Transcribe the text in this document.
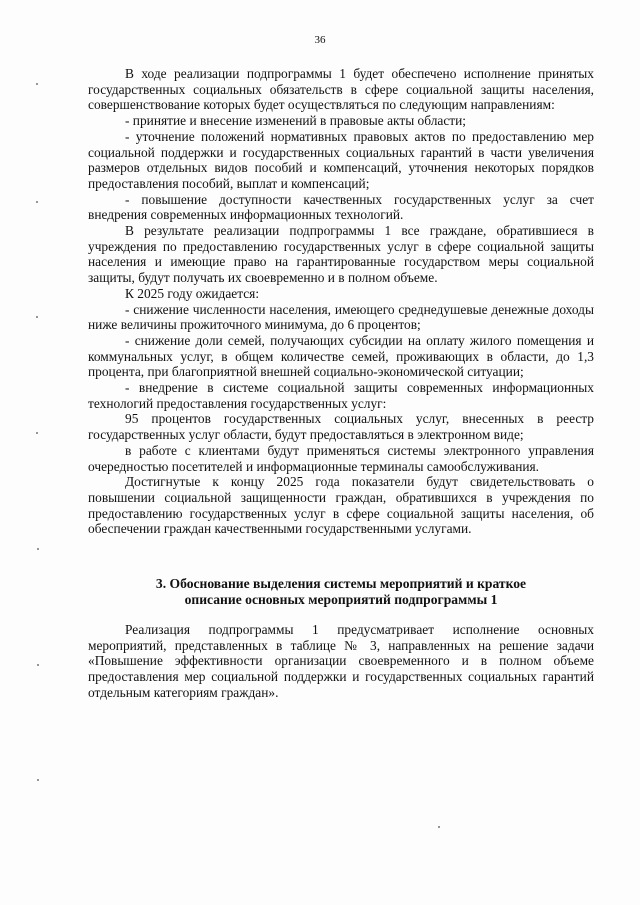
36

В ходе реализации подпрограммы 1 будет обеспечено исполнение принятых государственных социальных обязательств в сфере социальной защиты населения, совершенствование которых будет осуществляться по следующим направлениям:

- принятие и внесение изменений в правовые акты области;

- уточнение положений нормативных правовых актов по предоставлению мер социальной поддержки и государственных социальных гарантий в части увеличения размеров отдельных видов пособий и компенсаций, уточнения некоторых порядков предоставления пособий, выплат и компенсаций;

- повышение доступности качественных государственных услуг за счет внедрения современных информационных технологий.

В результате реализации подпрограммы 1 все граждане, обратившиеся в учреждения по предоставлению государственных услуг в сфере социальной защиты населения и имеющие право на гарантированные государством меры социальной защиты, будут получать их своевременно и в полном объеме.

К 2025 году ожидается:

- снижение численности населения, имеющего среднедушевые денежные доходы ниже величины прожиточного минимума, до 6 процентов;

- снижение доли семей, получающих субсидии на оплату жилого помещения и коммунальных услуг, в общем количестве семей, проживающих в области, до 1,3 процента, при благоприятной внешней социально-экономической ситуации;

- внедрение в системе социальной защиты современных информационных технологий предоставления государственных услуг:

95 процентов государственных социальных услуг, внесенных в реестр государственных услуг области, будут предоставляться в электронном виде;

в работе с клиентами будут применяться системы электронного управления очередностью посетителей и информационные терминалы самообслуживания.

Достигнутые к концу 2025 года показатели будут свидетельствовать о повышении социальной защищенности граждан, обратившихся в учреждения по предоставлению государственных услуг в сфере социальной защиты населения, об обеспечении граждан качественными государственными услугами.

3. Обоснование выделения системы мероприятий и краткое
описание основных мероприятий подпрограммы 1

Реализация подпрограммы 1 предусматривает исполнение основных мероприятий, представленных в таблице № 3, направленных на решение задачи «Повышение эффективности организации своевременного и в полном объеме предоставления мер социальной поддержки и государственных социальных гарантий отдельным категориям граждан».
